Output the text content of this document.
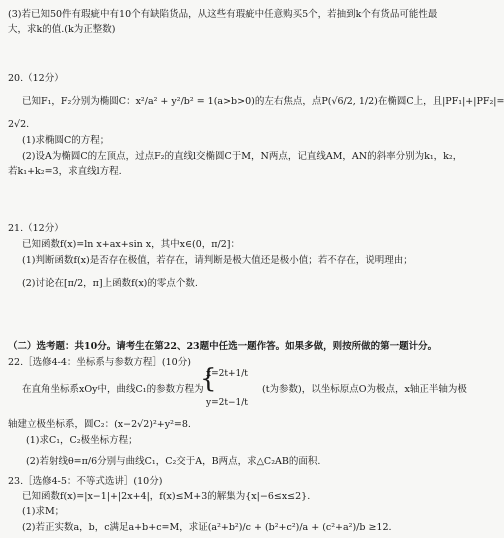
(3)若已知50件有瑕疵中有10个有缺陷货品，从这些有瑕疵中任意购买5个，若抽到k个有货品可能性最
大，求k的值.(k为正整数)
20.（12分）
已知F₁，F₂分别为椭圆C：x²/a² + y²/b² = 1(a>b>0)的左右焦点，点P(√6/2, 1/2)在椭圆C上，且|PF₁|+|PF₂|=
2√2.
(1)求椭圆C的方程；
(2)设A为椭圆C的左顶点，过点F₂的直线l交椭圆C于M，N两点，记直线AM，AN的斜率分别为k₁，k₂，
若k₁+k₂=3，求直线l方程.
21.（12分）
已知函数f(x)=ln x+ax+sin x，其中x∈(0，π/2]：
(1)判断函数f(x)是否存在极值，若存在，请判断是极大值还是极小值；若不存在，说明理由；
(2)讨论在[π/2，π]上函数f(x)的零点个数.
（二）选考题：共10分。请考生在第22、23题中任选一题作答。如果多做，则按所做的第一题计分。
22.［选修4-4：坐标系与参数方程］(10分)
在直角坐标系xOy中，曲线C₁的参数方程为
{
x=2t+1/t
y=2t−1/t
(t为参数)，以坐标原点O为极点，x轴正半轴为极
轴建立极坐标系，圆C₂：(x−2√2)²+y²=8.
(1)求C₁，C₂极坐标方程；
(2)若射线θ=π/6分别与曲线C₁，C₂交于A，B两点，求△C₂AB的面积.
23.［选修4-5：不等式选讲］(10分)
已知函数f(x)=|x−1|+|2x+4|，f(x)≤M+3的解集为{x|−6≤x≤2}.
(1)求M；
(2)若正实数a，b，c满足a+b+c=M，求证(a²+b²)/c + (b²+c²)/a + (c²+a²)/b ≥12.
